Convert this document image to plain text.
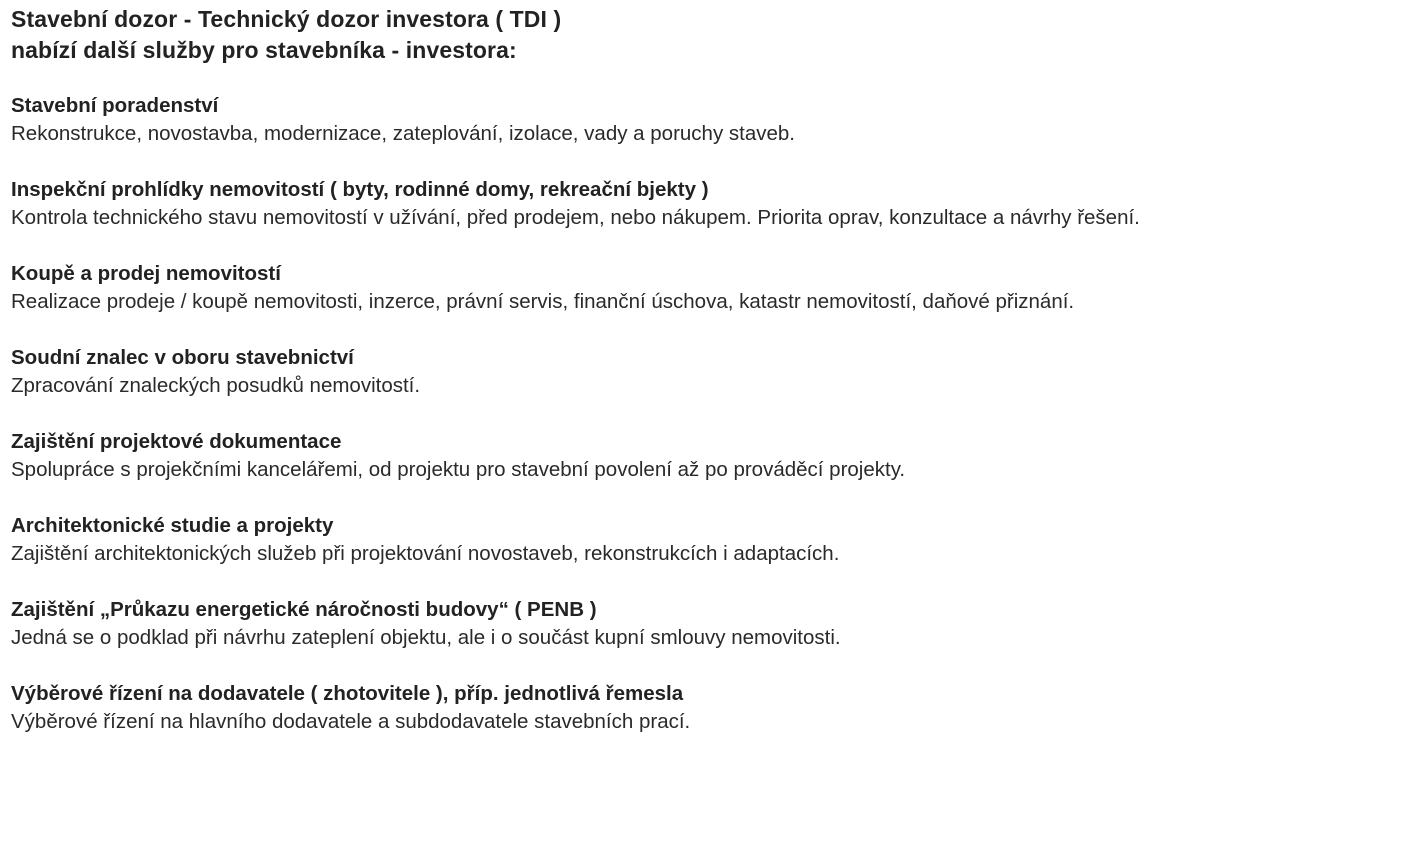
Stavební dozor - Technický dozor investora ( TDI )
nabízí další služby pro stavebníka - investora:
Stavební poradenství
Rekonstrukce, novostavba, modernizace, zateplování, izolace, vady a poruchy staveb.
Inspekční prohlídky nemovitostí ( byty, rodinné domy, rekreační bjekty )
Kontrola technického stavu nemovitostí v užívání, před prodejem, nebo nákupem. Priorita oprav, konzultace a návrhy řešení.
Koupě a prodej nemovitostí
Realizace prodeje / koupě nemovitosti, inzerce, právní servis, finanční úschova, katastr nemovitostí, daňové přiznání.
Soudní znalec v oboru stavebnictví
Zpracování znaleckých posudků nemovitostí.
Zajištění projektové dokumentace
Spolupráce s projekčními kancelářemi, od projektu pro stavební povolení až po prováděcí projekty.
Architektonické studie a projekty
Zajištění architektonických služeb při projektování novostaveb, rekonstrukcích i adaptacích.
Zajištění „Průkazu energetické náročnosti budovy“ ( PENB )
Jedná se o podklad při návrhu zateplení objektu, ale i o součást kupní smlouvy nemovitosti.
Výběrové řízení na dodavatele ( zhotovitele ), příp. jednotlivá řemesla
Výběrové řízení na hlavního dodavatele a subdodavatele stavebních prací.
